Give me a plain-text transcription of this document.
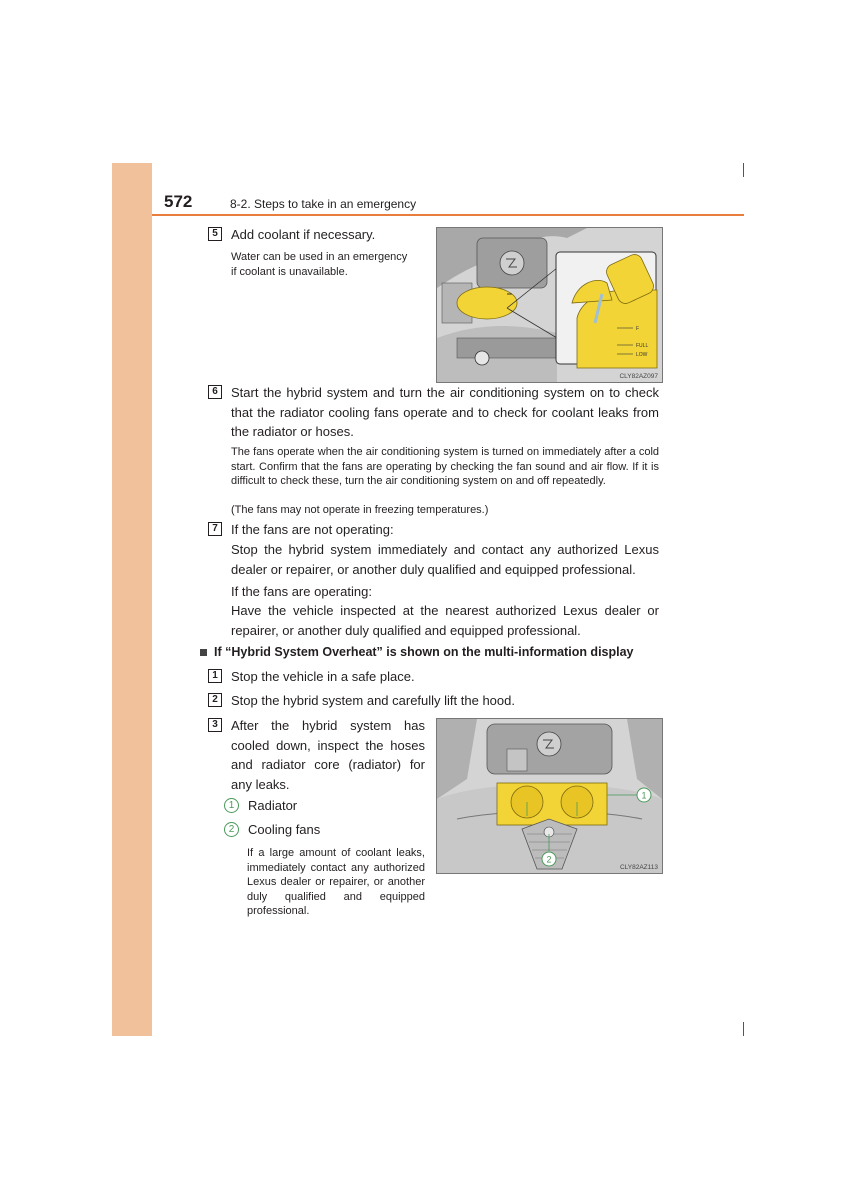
572	8-2. Steps to take in an emergency
5	Add coolant if necessary.
Water can be used in an emergency
if coolant is unavailable.
F
FULL
LOW
CLY82AZ097
6	Start the hybrid system and turn the air conditioning system on to check that the radiator cooling fans operate and to check for coolant leaks from the radiator or hoses.
The fans operate when the air conditioning system is turned on immediately after a cold start. Confirm that the fans are operating by checking the fan sound and air flow. If it is difficult to check these, turn the air conditioning system on and off repeatedly.
(The fans may not operate in freezing temperatures.)
7	If the fans are not operating:
Stop the hybrid system immediately and contact any authorized Lexus dealer or repairer, or another duly qualified and equipped professional.
If the fans are operating:
Have the vehicle inspected at the nearest authorized Lexus dealer or repairer, or another duly qualified and equipped professional.
If “Hybrid System Overheat” is shown on the multi-information display
1	Stop the vehicle in a safe place.
2	Stop the hybrid system and carefully lift the hood.
3	After the hybrid system has cooled down, inspect the hoses and radiator core (radiator) for any leaks.
1	Radiator
2	Cooling fans
If a large amount of coolant leaks, immediately contact any authorized Lexus dealer or repairer, or another duly qualified and equipped professional.
1
2
CLY82AZ113
